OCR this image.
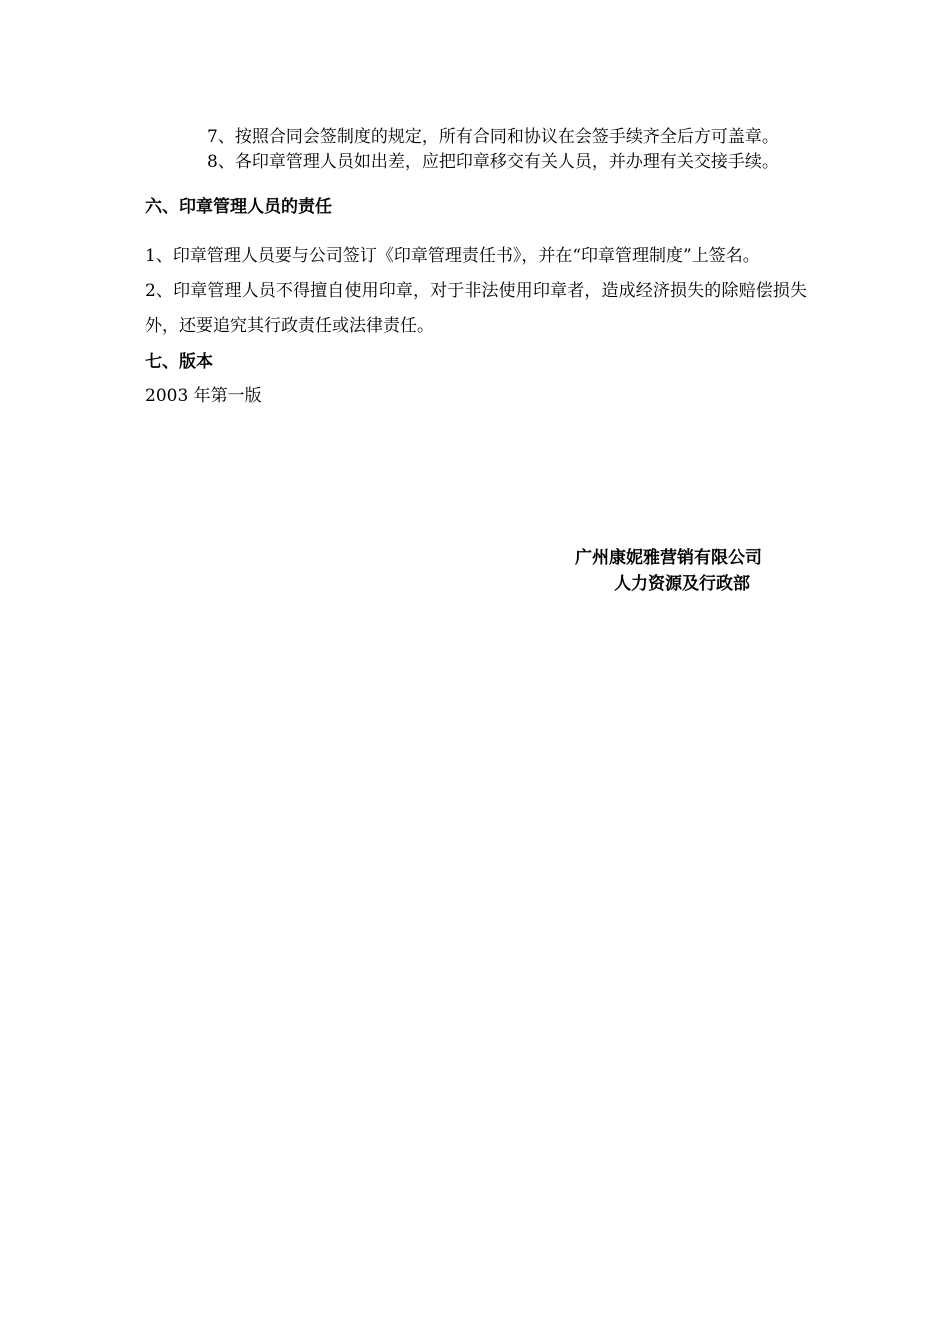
7、按照合同会签制度的规定，所有合同和协议在会签手续齐全后方可盖章。

8、各印章管理人员如出差，应把印章移交有关人员，并办理有关交接手续。

六、印章管理人员的责任

1、印章管理人员要与公司签订《印章管理责任书》，并在“印章管理制度”上签名。

2、印章管理人员不得擅自使用印章，对于非法使用印章者，造成经济损失的除赔偿损失外，还要追究其行政责任或法律责任。

七、版本

2003 年第一版

广州康妮雅营销有限公司
人力资源及行政部
